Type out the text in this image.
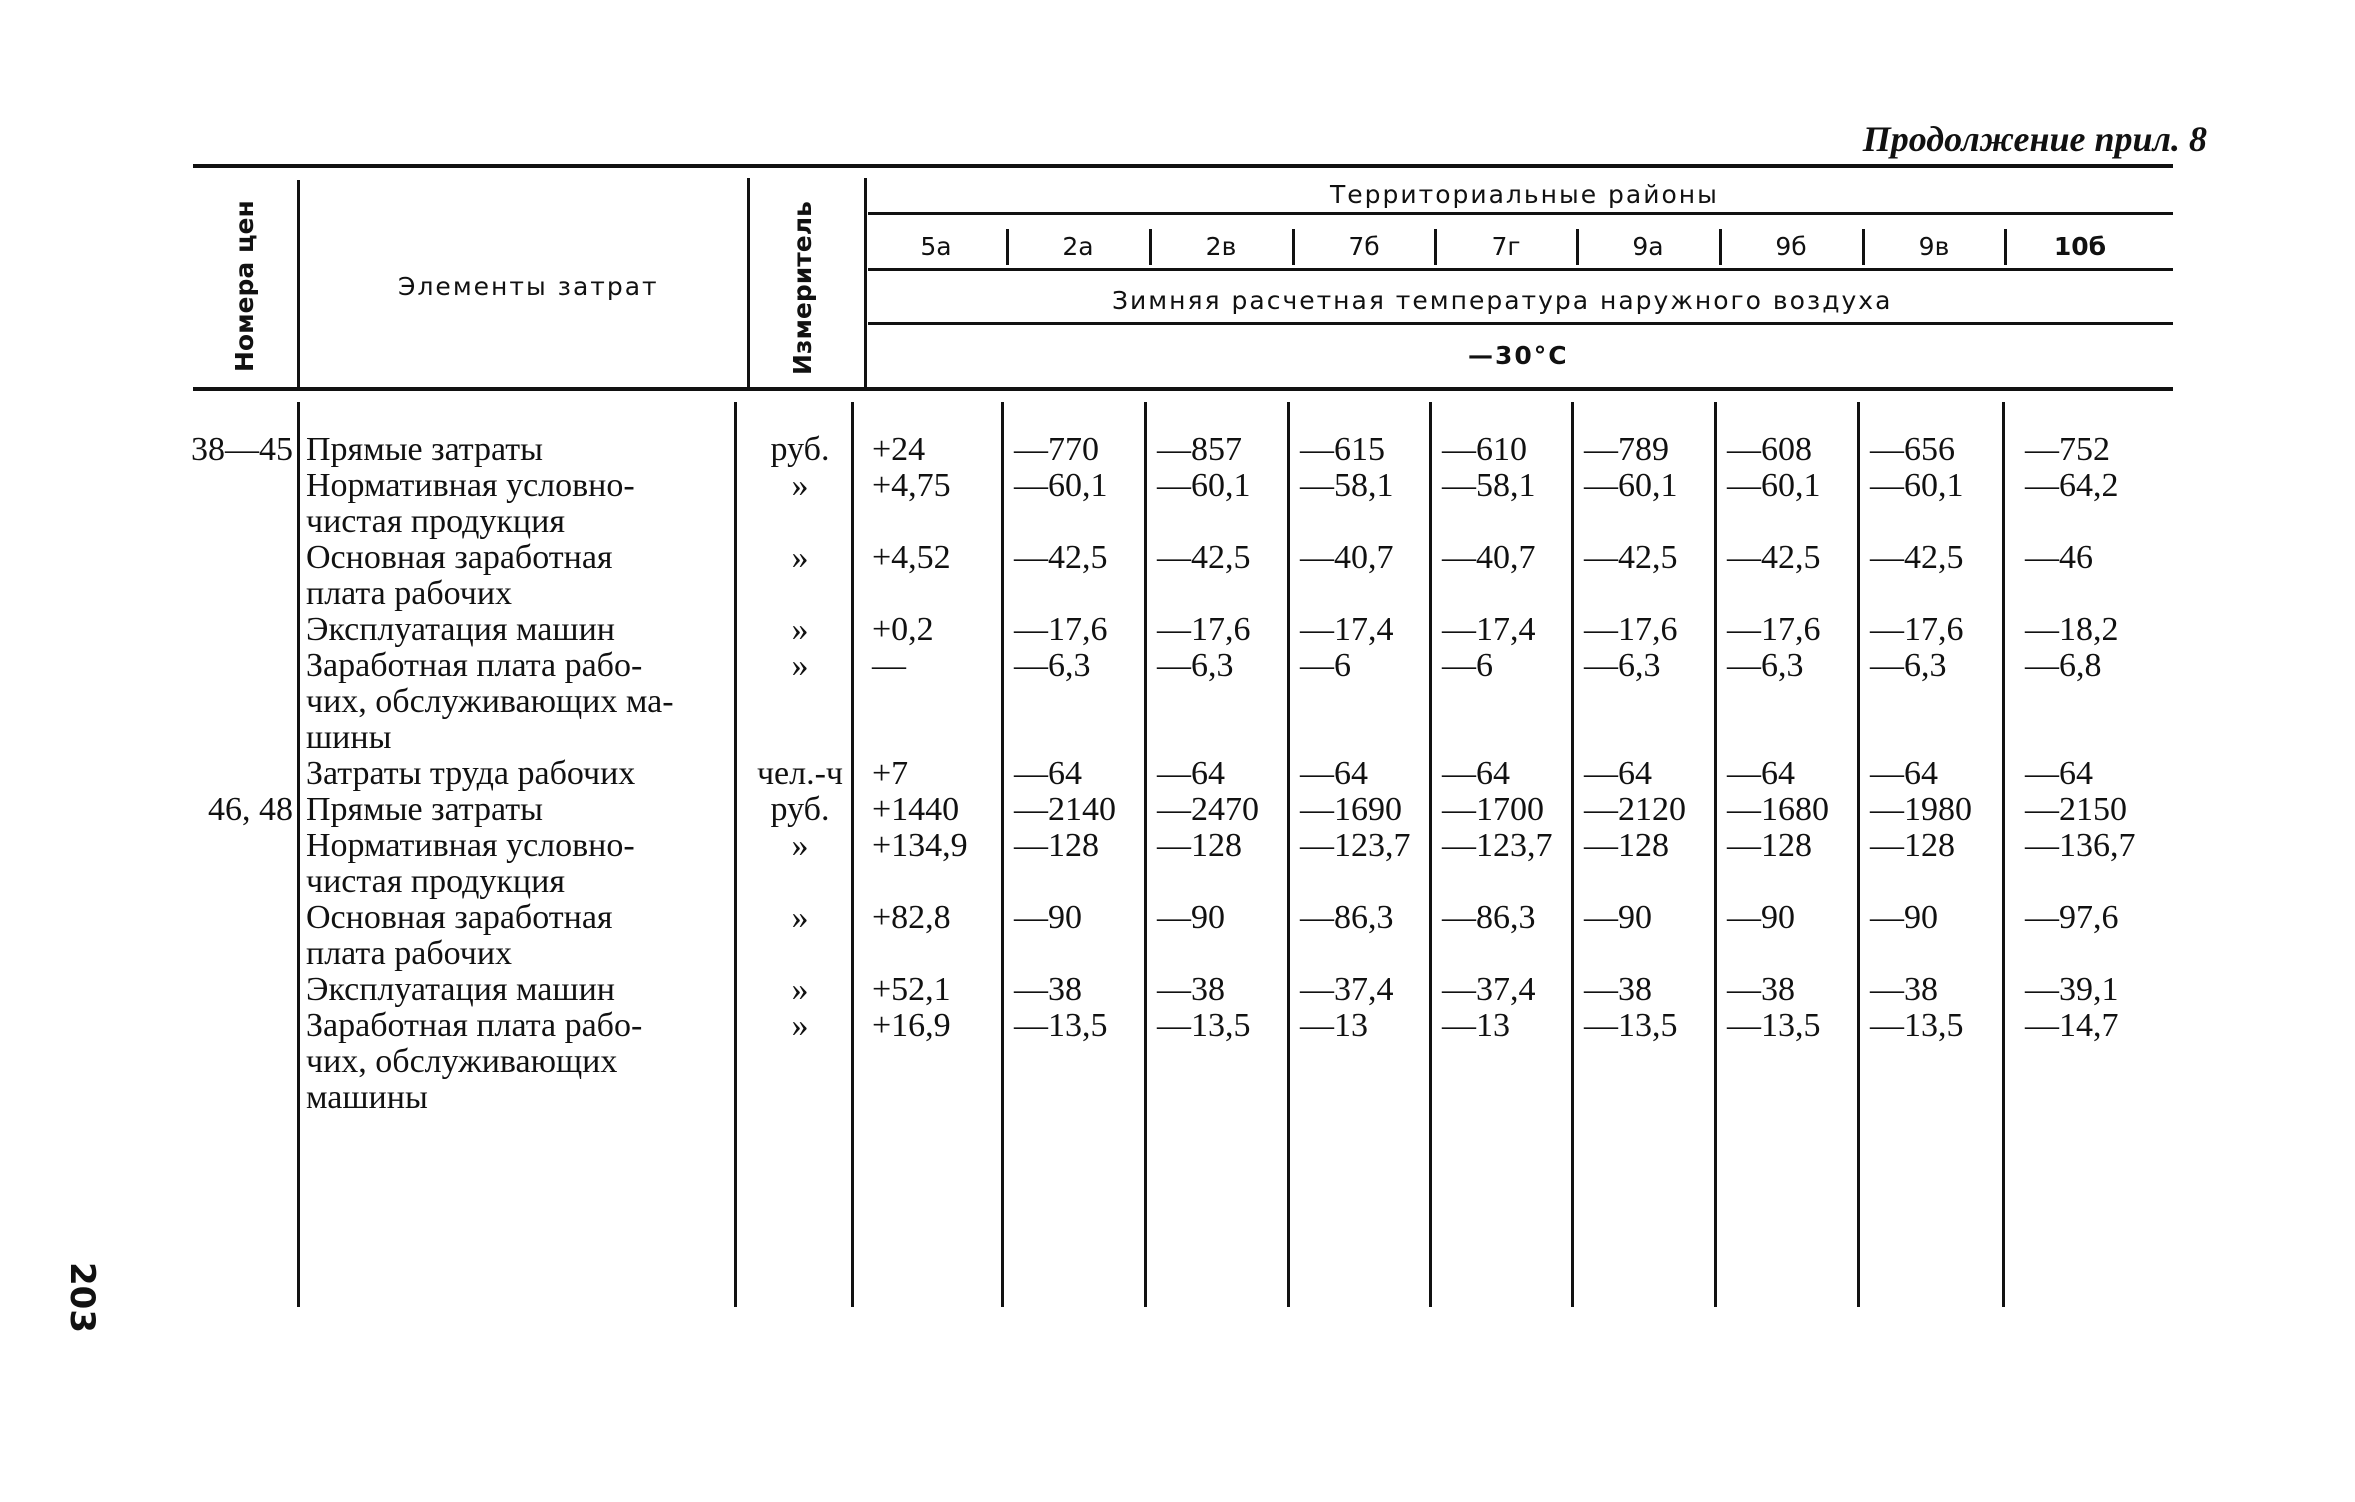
Продолжение прил. 8
Номера цен	Элементы затрат	Измеритель
Территориальные районы
5а	2а	2в	7б	7г	9а	9б	9в	10б
Зимняя расчетная температура наружного воздуха
—30°С
38—45 Прямые затраты	руб.	+24	—770	—857	—615	—610	—789	—608	—656	—752
Нормативная условно-	»	+4,75	—60,1	—60,1	—58,1	—58,1	—60,1	—60,1	—60,1	—64,2
чистая продукция
Основная заработная	»	+4,52	—42,5	—42,5	—40,7	—40,7	—42,5	—42,5	—42,5	—46
плата рабочих
Эксплуатация машин	»	+0,2	—17,6	—17,6	—17,4	—17,4	—17,6	—17,6	—17,6	—18,2
Заработная плата рабо-	»	—	—6,3	—6,3	—6	—6	—6,3	—6,3	—6,3	—6,8
чих, обслуживающих ма-
шины
Затраты труда рабочих	чел.-ч +7	—64	—64	—64	—64	—64	—64	—64	—64
46, 48 Прямые затраты	руб.	+1440	—2140	—2470	—1690	—1700	—2120	—1680	—1980	—2150
Нормативная условно-	»	+134,9	—128	—128	—123,7 —123,7 —128	—128	—128	—136,7
чистая продукция
Основная заработная	»	+82,8	—90	—90	—86,3	—86,3	—90	—90	—90	—97,6
плата рабочих
Эксплуатация машин	»	+52,1	—38	—38	—37,4	—37,4	—38	—38	—38	—39,1
Заработная плата рабо-	»	+16,9	—13,5	—13,5	—13	—13	—13,5	—13,5	—13,5	—14,7
чих, обслуживающих
машины
203
